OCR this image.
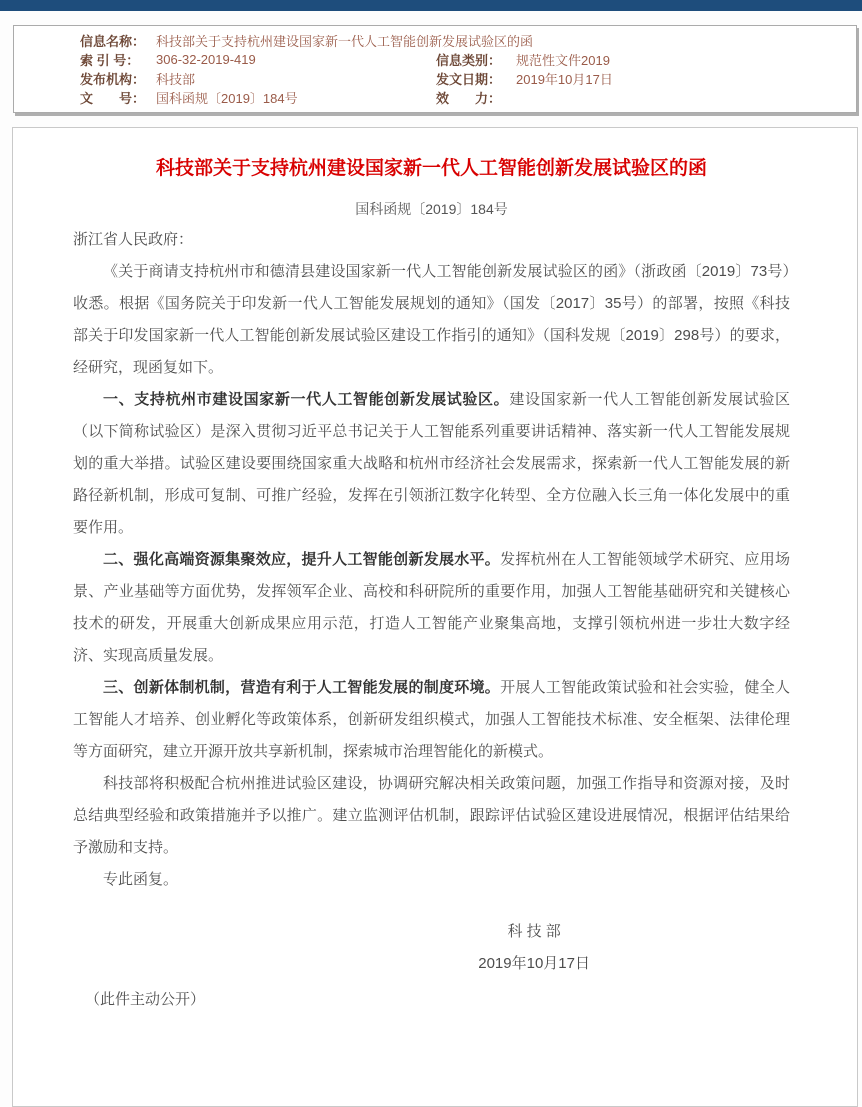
信息名称：	科技部关于支持杭州建设国家新一代人工智能创新发展试验区的函		
索 引 号：	306-32-2019-419	信息类别：	规范性文件2019
发布机构：	科技部	发文日期：	2019年10月17日
文　　号：	国科函规〔2019〕184号	效　　力：	
科技部关于支持杭州建设国家新一代人工智能创新发展试验区的函
国科函规〔2019〕184号

浙江省人民政府：

《关于商请支持杭州市和德清县建设国家新一代人工智能创新发展试验区的函》（浙政函〔2019〕73号）收悉。根据《国务院关于印发新一代人工智能发展规划的通知》（国发〔2017〕35号）的部署，按照《科技部关于印发国家新一代人工智能创新发展试验区建设工作指引的通知》（国科发规〔2019〕298号）的要求，经研究，现函复如下。

一、支持杭州市建设国家新一代人工智能创新发展试验区。建设国家新一代人工智能创新发展试验区（以下简称试验区）是深入贯彻习近平总书记关于人工智能系列重要讲话精神、落实新一代人工智能发展规划的重大举措。试验区建设要围绕国家重大战略和杭州市经济社会发展需求，探索新一代人工智能发展的新路径新机制，形成可复制、可推广经验，发挥在引领浙江数字化转型、全方位融入长三角一体化发展中的重要作用。

二、强化高端资源集聚效应，提升人工智能创新发展水平。发挥杭州在人工智能领域学术研究、应用场景、产业基础等方面优势，发挥领军企业、高校和科研院所的重要作用，加强人工智能基础研究和关键核心技术的研发，开展重大创新成果应用示范，打造人工智能产业聚集高地，支撑引领杭州进一步壮大数字经济、实现高质量发展。

三、创新体制机制，营造有利于人工智能发展的制度环境。开展人工智能政策试验和社会实验，健全人工智能人才培养、创业孵化等政策体系，创新研发组织模式，加强人工智能技术标准、安全框架、法律伦理等方面研究，建立开源开放共享新机制，探索城市治理智能化的新模式。

科技部将积极配合杭州推进试验区建设，协调研究解决相关政策问题，加强工作指导和资源对接，及时总结典型经验和政策措施并予以推广。建立监测评估机制，跟踪评估试验区建设进展情况，根据评估结果给予激励和支持。

专此函复。

科 技 部
2019年10月17日
（此件主动公开）
